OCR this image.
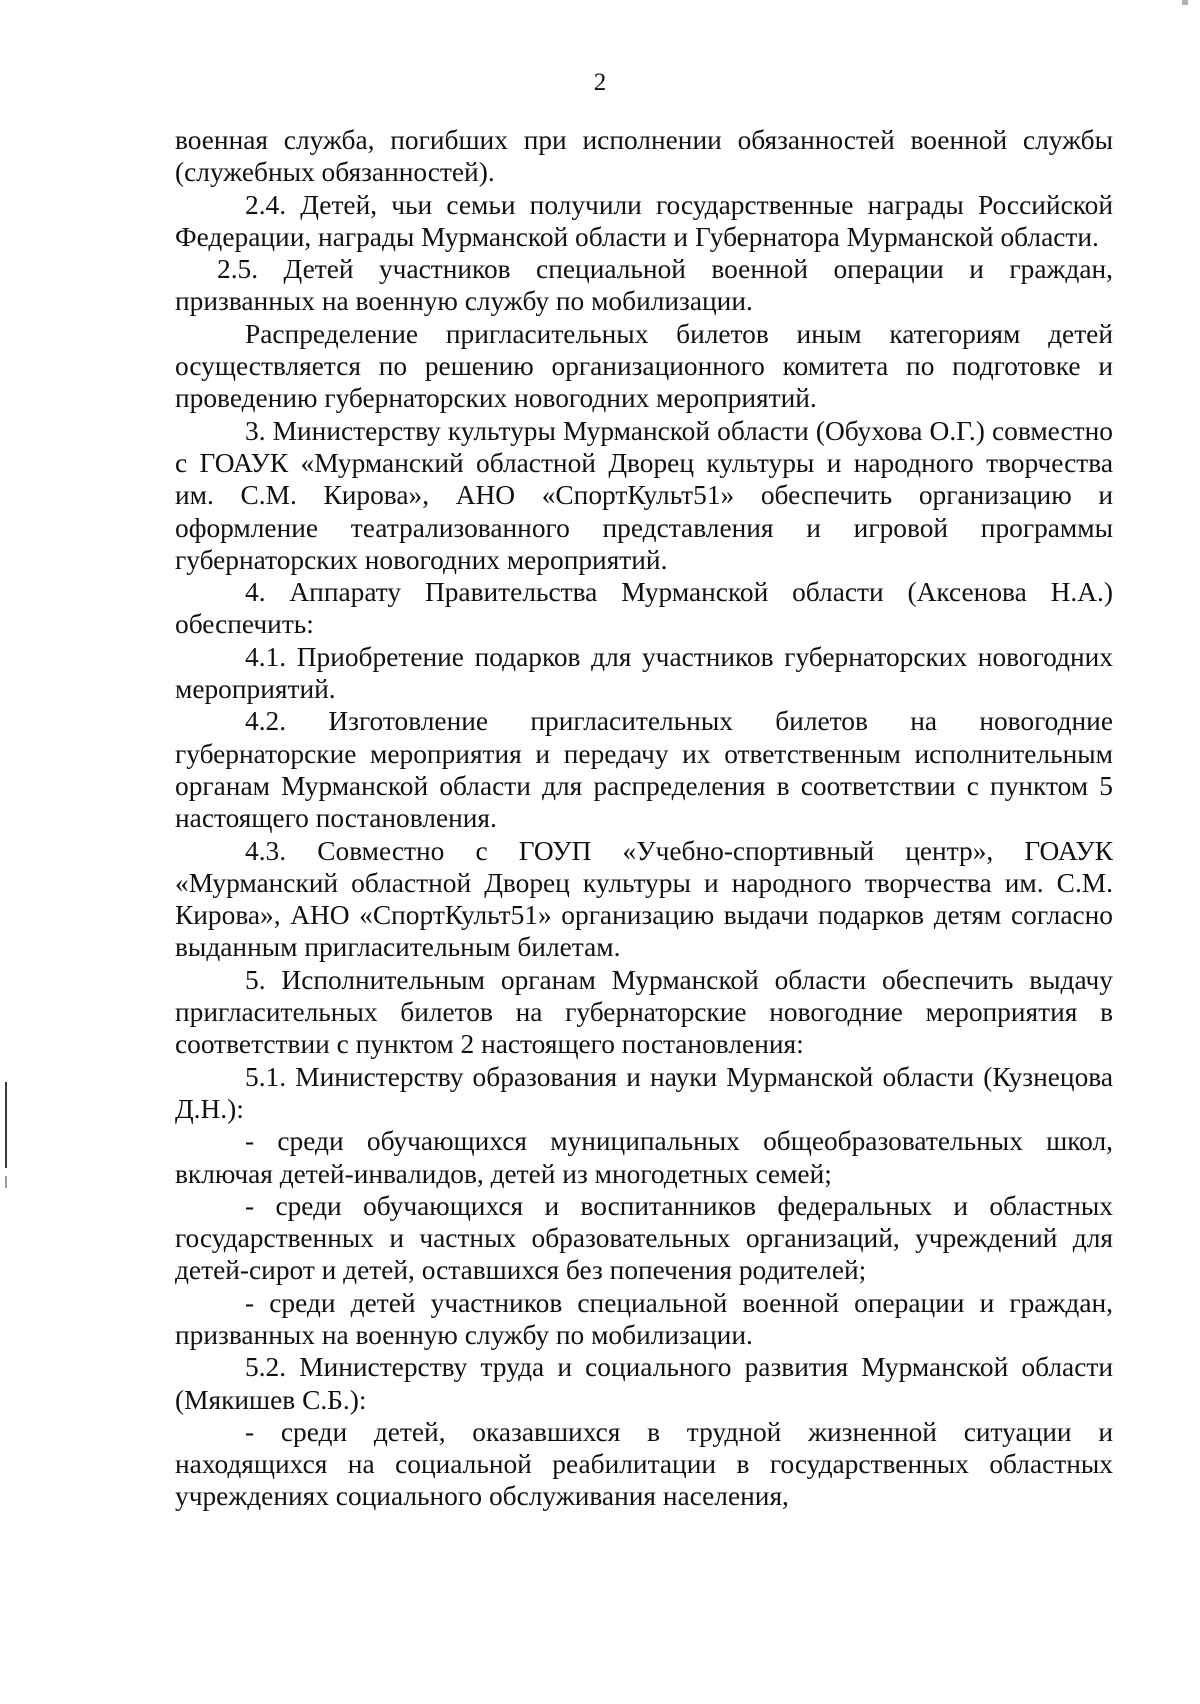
2

военная служба, погибших при исполнении обязанностей военной службы (служебных обязанностей).

2.4. Детей, чьи семьи получили государственные награды Российской Федерации, награды Мурманской области и Губернатора Мурманской области.

2.5. Детей участников специальной военной операции и граждан, призванных на военную службу по мобилизации.

Распределение пригласительных билетов иным категориям детей осуществляется по решению организационного комитета по подготовке и проведению губернаторских новогодних мероприятий.

3. Министерству культуры Мурманской области (Обухова О.Г.) совместно с ГОАУК «Мурманский областной Дворец культуры и народного творчества им. С.М. Кирова», АНО «СпортКульт51» обеспечить организацию и оформление театрализованного представления и игровой программы губернаторских новогодних мероприятий.

4. Аппарату Правительства Мурманской области (Аксенова Н.А.) обеспечить:

4.1. Приобретение подарков для участников губернаторских новогодних мероприятий.

4.2. Изготовление пригласительных билетов на новогодние губернаторские мероприятия и передачу их ответственным исполнительным органам Мурманской области для распределения в соответствии с пунктом 5 настоящего постановления.

4.3. Совместно с ГОУП «Учебно-спортивный центр», ГОАУК «Мурманский областной Дворец культуры и народного творчества им. С.М. Кирова», АНО «СпортКульт51» организацию выдачи подарков детям согласно выданным пригласительным билетам.

5. Исполнительным органам Мурманской области обеспечить выдачу пригласительных билетов на губернаторские новогодние мероприятия в соответствии с пунктом 2 настоящего постановления:

5.1. Министерству образования и науки Мурманской области (Кузнецова Д.Н.):

- среди обучающихся муниципальных общеобразовательных школ, включая детей-инвалидов, детей из многодетных семей;

- среди обучающихся и воспитанников федеральных и областных государственных и частных образовательных организаций, учреждений для детей-сирот и детей, оставшихся без попечения родителей;

- среди детей участников специальной военной операции и граждан, призванных на военную службу по мобилизации.

5.2. Министерству труда и социального развития Мурманской области (Мякишев С.Б.):

- среди детей, оказавшихся в трудной жизненной ситуации и находящихся на социальной реабилитации в государственных областных учреждениях социального обслуживания населения,
